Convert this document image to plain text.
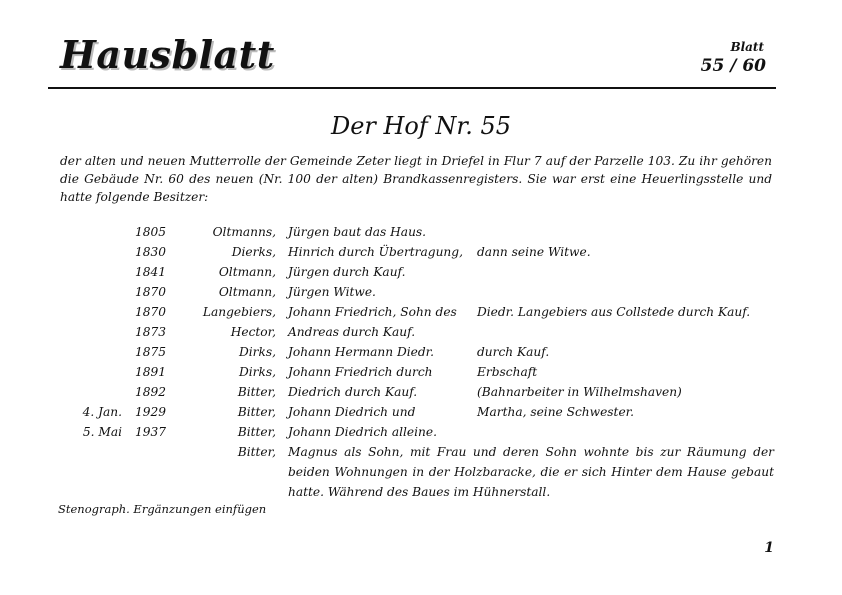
Hausblatt	Blatt
55 / 60
Der Hof Nr. 55
der alten und neuen Mutterrolle der Gemeinde Zeter liegt in Driefel in Flur 7 auf der Parzelle 103. Zu ihr gehören die Gebäude Nr. 60 des neuen (Nr. 100 der alten) Brandkassenregisters. Sie war erst eine Heuerlingsstelle und hatte folgende Besitzer:
1805	Oltmanns, Jürgen baut das Haus.
1830	Dierks, Hinrich durch Übertragung, dann seine Witwe.
1841	Oltmann, Jürgen durch Kauf.
1870	Oltmann, Jürgen Witwe.
1870	Langebiers, Johann Friedrich, Sohn des Diedr. Langebiers aus Collstede durch Kauf.
1873	Hector, Andreas durch Kauf.
1875	Dirks, Johann Hermann Diedr.	durch Kauf.
1891	Dirks, Johann Friedrich durch	Erbschaft
1892	Bitter, Diedrich durch Kauf.	(Bahnarbeiter in Wilhelmshaven)
4. Jan. 1929	Bitter, Johann Diedrich und	Martha, seine Schwester.
5. Mai 1937	Bitter, Johann Diedrich alleine.
Bitter, Magnus als Sohn, mit Frau und deren Sohn wohnte bis zur Räumung der beiden Wohnungen in der Holzbaracke, die er sich Hinter dem Hause gebaut hatte. Während des Baues im Hühnerstall.
Stenograph. Ergänzungen einfügen
1
